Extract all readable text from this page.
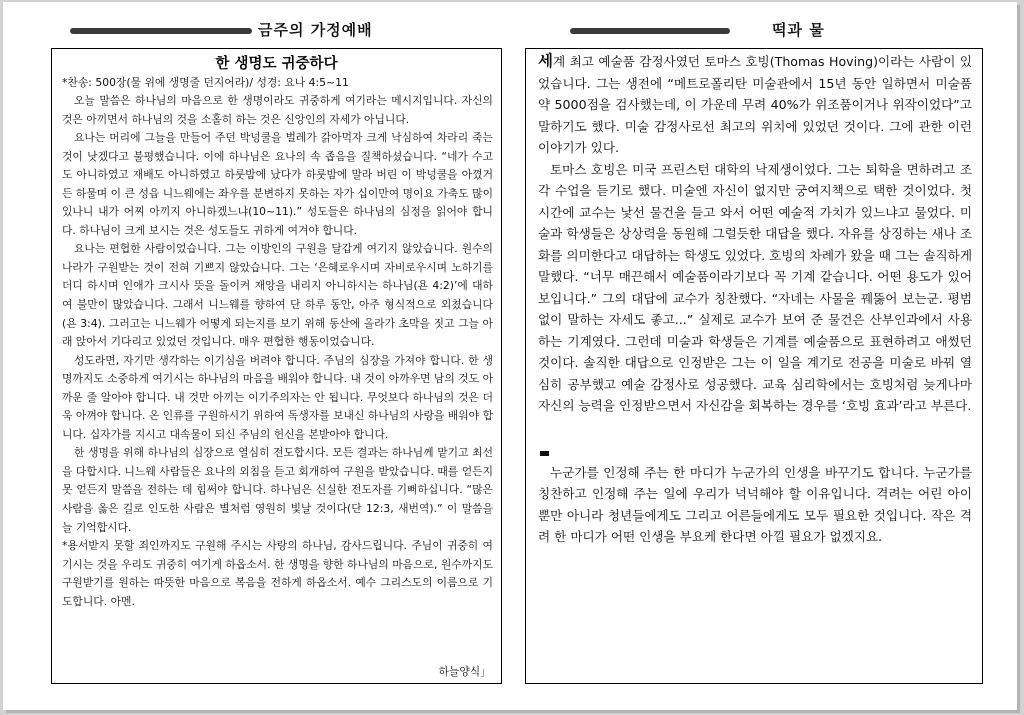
금주의 가정예배	떡과 물
한 생명도 귀중하다
*찬송: 500장(물 위에 생명줄 던지어라)/ 성경: 요나 4:5~11

오늘 말씀은 하나님의 마음으로 한 생명이라도 귀중하게 여기라는 메시지입니다. 자신의 것은 아끼면서 하나님의 것을 소홀히 하는 것은 신앙인의 자세가 아닙니다.

요나는 머리에 그늘을 만들어 주던 박넝쿨을 벌레가 갉아먹자 크게 낙심하여 차라리 죽는 것이 낫겠다고 불평했습니다. 이에 하나님은 요나의 속 좁음을 질책하셨습니다. “네가 수고도 아니하였고 재배도 아니하였고 하룻밤에 났다가 하룻밤에 말라 버린 이 박넝쿨을 아꼈거든 하물며 이 큰 성읍 니느웨에는 좌우를 분변하지 못하는 자가 십이만여 명이요 가축도 많이 있나니 내가 어찌 아끼지 아니하겠느냐(10~11).” 성도들은 하나님의 심정을 읽어야 합니다. 하나님이 크게 보시는 것은 성도들도 귀하게 여겨야 합니다.

요나는 편협한 사람이었습니다. 그는 이방인의 구원을 달갑게 여기지 않았습니다. 원수의 나라가 구원받는 것이 전혀 기쁘지 않았습니다. 그는 ‘은혜로우시며 자비로우시며 노하기를 더디 하시며 인애가 크시사 뜻을 돌이켜 재앙을 내리지 아니하시는 하나님(욘 4:2)’에 대하여 불만이 많았습니다. 그래서 니느웨를 향하여 단 하루 동안, 아주 형식적으로 외쳤습니다(욘 3:4). 그러고는 니느웨가 어떻게 되는지를 보기 위해 동산에 올라가 초막을 짓고 그늘 아래 앉아서 기다리고 있었던 것입니다. 매우 편협한 행동이었습니다.

성도라면, 자기만 생각하는 이기심을 버려야 합니다. 주님의 심장을 가져야 합니다. 한 생명까지도 소중하게 여기시는 하나님의 마음을 배워야 합니다. 내 것이 아까우면 남의 것도 아까운 줄 알아야 합니다. 내 것만 아끼는 이기주의자는 안 됩니다. 무엇보다 하나님의 것은 더욱 아껴야 합니다. 온 인류를 구원하시기 위하여 독생자를 보내신 하나님의 사랑을 배워야 합니다. 십자가를 지시고 대속물이 되신 주님의 헌신을 본받아야 합니다.

한 생명을 위해 하나님의 심장으로 열심히 전도합시다. 모든 결과는 하나님께 맡기고 최선을 다합시다. 니느웨 사람들은 요나의 외침을 듣고 회개하여 구원을 받았습니다. 때를 얻든지 못 얻든지 말씀을 전하는 데 힘써야 합니다. 하나님은 신실한 전도자를 기뻐하십니다. “많은 사람을 옳은 길로 인도한 사람은 별처럼 영원히 빛날 것이다(단 12:3, 새번역).” 이 말씀을 늘 기억합시다.

*용서받지 못할 죄인까지도 구원해 주시는 사랑의 하나님, 감사드립니다. 주님이 귀중히 여기시는 것을 우리도 귀중히 여기게 하옵소서. 한 생명을 향한 하나님의 마음으로, 원수까지도 구원받기를 원하는 따뜻한 마음으로 복음을 전하게 하옵소서. 예수 그리스도의 이름으로 기도합니다. 아멘.

하늘양식」

세계 최고 예술품 감정사였던 토마스 호빙(Thomas Hoving)이라는 사람이 있었습니다. 그는 생전에 “메트로폴리탄 미술관에서 15년 동안 일하면서 미술품 약 5000점을 검사했는데, 이 가운데 무려 40%가 위조품이거나 위작이었다”고 말하기도 했다. 미술 감정사로선 최고의 위치에 있었던 것이다. 그에 관한 이런 이야기가 있다.

토마스 호빙은 미국 프린스턴 대학의 낙제생이었다. 그는 퇴학을 면하려고 조각 수업을 듣기로 했다. 미술엔 자신이 없지만 궁여지책으로 택한 것이었다. 첫 시간에 교수는 낯선 물건을 들고 와서 어떤 예술적 가치가 있느냐고 물었다. 미술과 학생들은 상상력을 동원해 그럴듯한 대답을 했다. 자유를 상징하는 새나 조화를 의미한다고 대답하는 학생도 있었다. 호빙의 차례가 왔을 때 그는 솔직하게 말했다. “너무 매끈해서 예술품이라기보다 꼭 기계 같습니다. 어떤 용도가 있어 보입니다.” 그의 대답에 교수가 칭찬했다. “자네는 사물을 꿰뚫어 보는군. 평범없이 말하는 자세도 좋고...” 실제로 교수가 보여 준 물건은 산부인과에서 사용하는 기계였다. 그런데 미술과 학생들은 기계를 예술품으로 표현하려고 애썼던 것이다. 솔직한 대답으로 인정받은 그는 이 일을 계기로 전공을 미술로 바꿔 열심히 공부했고 예술 감정사로 성공했다. 교육 심리학에서는 호빙처럼 늦게나마 자신의 능력을 인정받으면서 자신감을 회복하는 경우를 ‘호빙 효과’라고 부른다.

누군가를 인정해 주는 한 마디가 누군가의 인생을 바꾸기도 합니다. 누군가를 칭찬하고 인정해 주는 일에 우리가 넉넉해야 할 이유입니다. 격려는 어린 아이 뿐만 아니라 청년들에게도 그리고 어른들에게도 모두 필요한 것입니다. 작은 격려 한 마디가 어떤 인생을 부요케 한다면 아낄 필요가 없겠지요.
